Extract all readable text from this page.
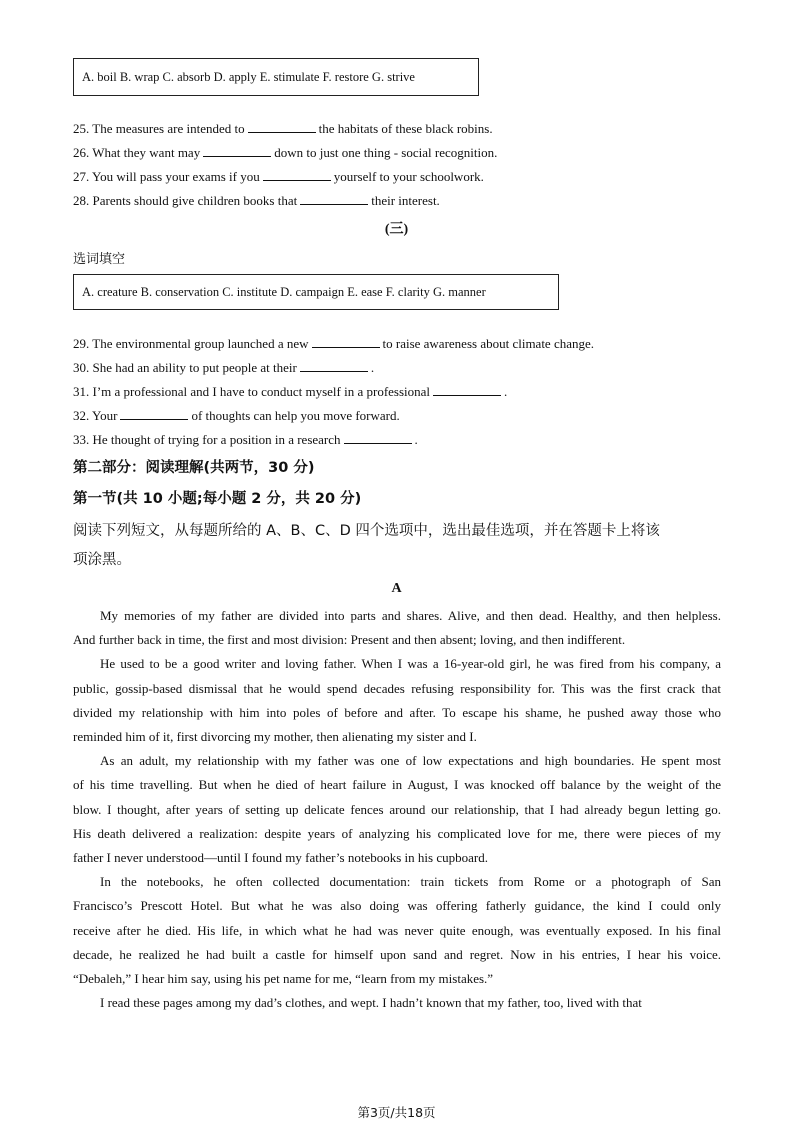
A. boil B. wrap C. absorb D. apply E. stimulate F. restore G. strive
25. The measures are intended to	the habitats of these black robins.
26. What they want may	down to just one thing - social recognition.
27. You will pass your exams if you	yourself to your schoolwork.
28. Parents should give children books that	their interest.
(三)
选词填空
A. creature B. conservation C. institute D. campaign E. ease F. clarity G. manner
29. The environmental group launched a new	to raise awareness about climate change.
30. She had an ability to put people at their	.
31. I’m a professional and I have to conduct myself in a professional	.
32. Your	of thoughts can help you move forward.
33. He thought of trying for a position in a research	.
第二部分：阅读理解(共两节，30 分)
第一节(共 10 小题;每小题 2 分，共 20 分)
阅读下列短文，从每题所给的 A、B、C、D 四个选项中，选出最佳选项，并在答题卡上将该
项涂黑。
A
My memories of my father are divided into parts and shares. Alive, and then dead. Healthy, and then helpless.
And further back in time, the first and most division: Present and then absent; loving, and then indifferent.
He used to be a good writer and loving father. When I was a 16-year-old girl, he was fired from his company, a
public, gossip-based dismissal that he would spend decades refusing responsibility for. This was the first crack that
divided my relationship with him into poles of before and after. To escape his shame, he pushed away those who
reminded him of it, first divorcing my mother, then alienating my sister and I.
As an adult, my relationship with my father was one of low expectations and high boundaries. He spent most
of his time travelling. But when he died of heart failure in August, I was knocked off balance by the weight of the
blow. I thought, after years of setting up delicate fences around our relationship, that I had already begun letting go.
His death delivered a realization: despite years of analyzing his complicated love for me, there were pieces of my
father I never understood—until I found my father’s notebooks in his cupboard.
In the notebooks, he often collected documentation: train tickets from Rome or a photograph of San
Francisco’s Prescott Hotel. But what he was also doing was offering fatherly guidance, the kind I could only
receive after he died. His life, in which what he had was never quite enough, was eventually exposed. In his final
decade, he realized he had built a castle for himself upon sand and regret. Now in his entries, I hear his voice.
“Debaleh,” I hear him say, using his pet name for me, “learn from my mistakes.”
I read these pages among my dad’s clothes, and wept. I hadn’t known that my father, too, lived with that
第3页/共18页
